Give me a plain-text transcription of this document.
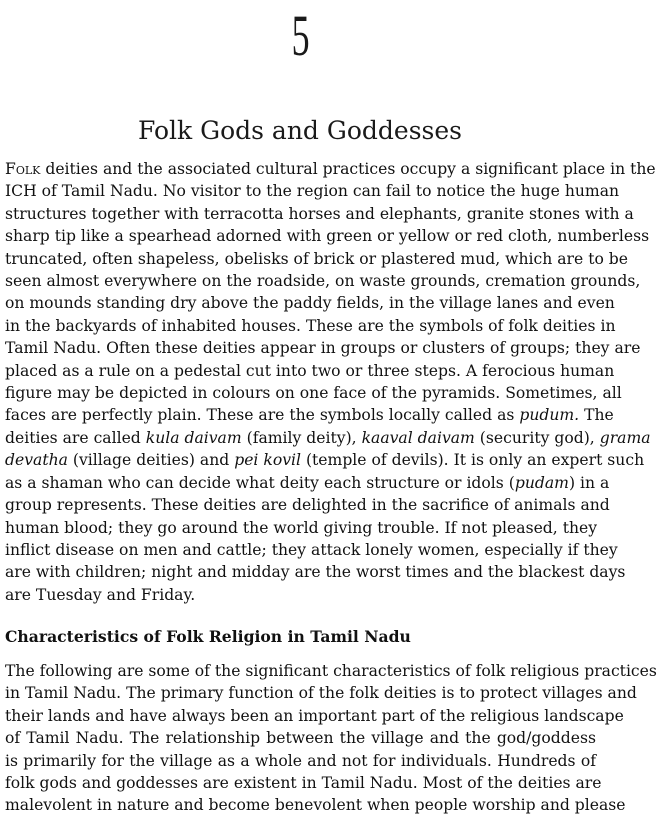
5
Folk Gods and Goddesses
Folk deities and the associated cultural practices occupy a significant place in the
ICH of Tamil Nadu. No visitor to the region can fail to notice the huge human
structures together with terracotta horses and elephants, granite stones with a
sharp tip like a spearhead adorned with green or yellow or red cloth, numberless
truncated, often shapeless, obelisks of brick or plastered mud, which are to be
seen almost everywhere on the roadside, on waste grounds, cremation grounds,
on mounds standing dry above the paddy fields, in the village lanes and even
in the backyards of inhabited houses. These are the symbols of folk deities in
Tamil Nadu. Often these deities appear in groups or clusters of groups; they are
placed as a rule on a pedestal cut into two or three steps. A ferocious human
figure may be depicted in colours on one face of the pyramids. Sometimes, all
faces are perfectly plain. These are the symbols locally called as pudum. The
deities are called kula daivam (family deity), kaaval daivam (security god), grama
devatha (village deities) and pei kovil (temple of devils). It is only an expert such
as a shaman who can decide what deity each structure or idols (pudam) in a
group represents. These deities are delighted in the sacrifice of animals and
human blood; they go around the world giving trouble. If not pleased, they
inflict disease on men and cattle; they attack lonely women, especially if they
are with children; night and midday are the worst times and the blackest days
are Tuesday and Friday.
Characteristics of Folk Religion in Tamil Nadu
The following are some of the significant characteristics of folk religious practices
in Tamil Nadu. The primary function of the folk deities is to protect villages and
their lands and have always been an important part of the religious landscape
of Tamil Nadu. The relationship between the village and the god/goddess
is primarily for the village as a whole and not for individuals. Hundreds of
folk gods and goddesses are existent in Tamil Nadu. Most of the deities are
malevolent in nature and become benevolent when people worship and please
